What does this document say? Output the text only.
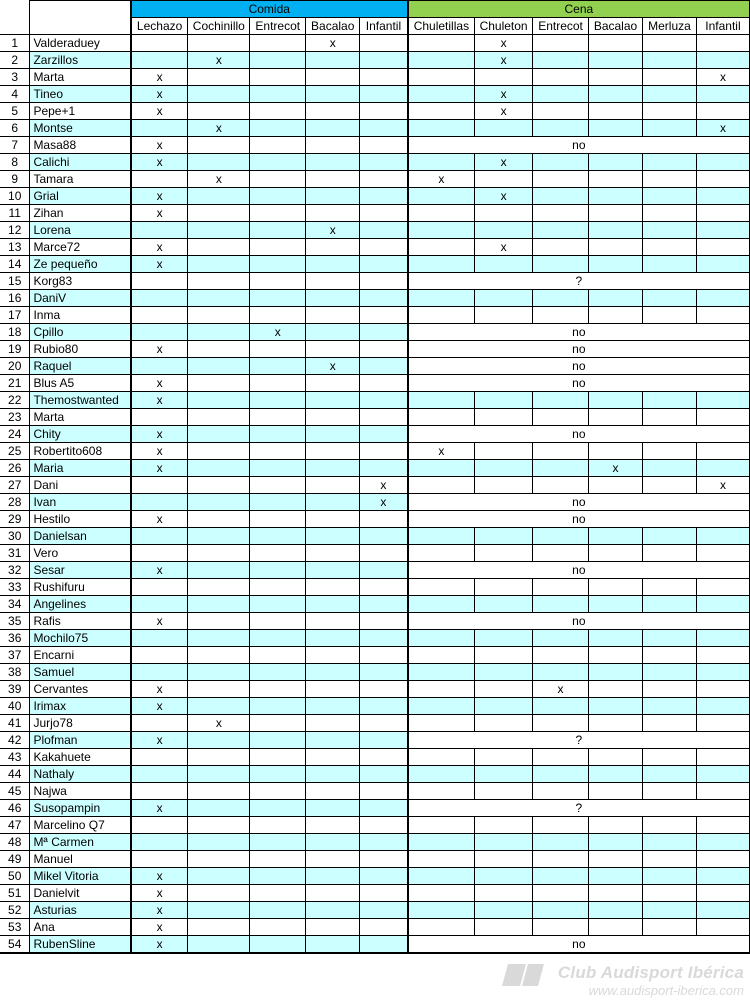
		Comida					Cena					
		Lechazo	Cochinillo	Entrecot	Bacalao	Infantil	Chuletillas	Chuleton	Entrecot	Bacalao	Merluza	Infantil
1	Valderaduey				x			x				
2	Zarzillos		x					x				
3	Marta	x										x
4	Tineo	x						x				
5	Pepe+1	x						x				
6	Montse		x									x
7	Masa88	x					no					
8	Calichi	x						x				
9	Tamara		x				x					
10	Grial	x						x				
11	Zihan	x										
12	Lorena				x							
13	Marce72	x						x				
14	Ze pequeño	x										
15	Korg83						?					
16	DaniV											
17	Inma											
18	Cpillo			x			no					
19	Rubio80	x					no					
20	Raquel				x		no					
21	Blus A5	x					no					
22	Themostwanted	x										
23	Marta											
24	Chity	x					no					
25	Robertito608	x					x					
26	Maria	x								x		
27	Dani					x						x
28	Ivan					x	no					
29	Hestilo	x					no					
30	Danielsan											
31	Vero											
32	Sesar	x					no					
33	Rushifuru											
34	Angelines											
35	Rafis	x					no					
36	Mochilo75											
37	Encarni											
38	Samuel											
39	Cervantes	x							x			
40	Irimax	x										
41	Jurjo78		x									
42	Plofman	x					?					
43	Kakahuete											
44	Nathaly											
45	Najwa											
46	Susopampin	x					?					
47	Marcelino Q7											
48	Mª Carmen											
49	Manuel											
50	Mikel Vitoria	x										
51	Danielvit	x										
52	Asturias	x										
53	Ana	x										
54	RubenSline	x					no					
Club Audisport Ibérica
www.audisport-iberica.com
